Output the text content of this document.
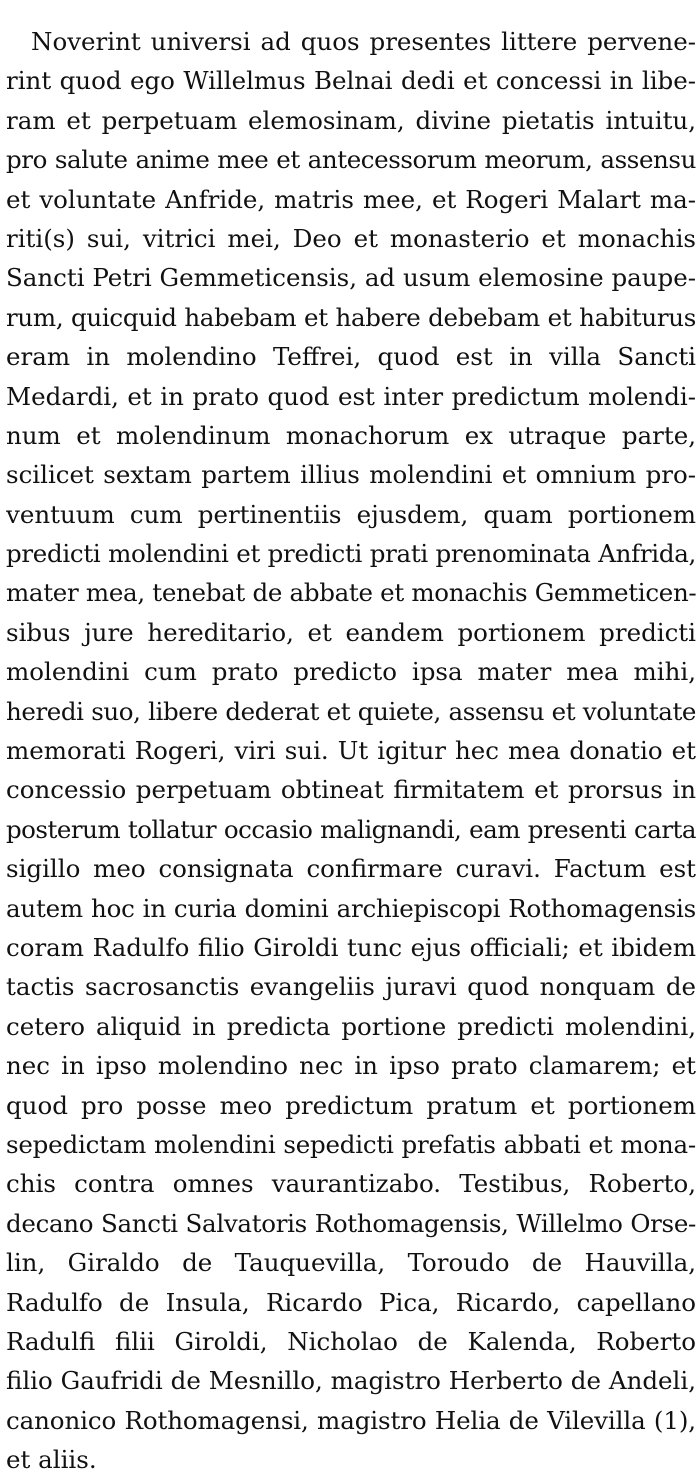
Noverint universi ad quos presentes littere pervene-
rint quod ego Willelmus Belnai dedi et concessi in libe-
ram et perpetuam elemosinam, divine pietatis intuitu,
pro salute anime mee et antecessorum meorum, assensu
et voluntate Anfride, matris mee, et Rogeri Malart ma-
riti(s) sui, vitrici mei, Deo et monasterio et monachis
Sancti Petri Gemmeticensis, ad usum elemosine paupe-
rum, quicquid habebam et habere debebam et habiturus
eram in molendino Teffrei, quod est in villa Sancti
Medardi, et in prato quod est inter predictum molendi-
num et molendinum monachorum ex utraque parte,
scilicet sextam partem illius molendini et omnium pro-
ventuum cum pertinentiis ejusdem, quam portionem
predicti molendini et predicti prati prenominata Anfrida,
mater mea, tenebat de abbate et monachis Gemmeticen-
sibus jure hereditario, et eandem portionem predicti
molendini cum prato predicto ipsa mater mea mihi,
heredi suo, libere dederat et quiete, assensu et voluntate
memorati Rogeri, viri sui. Ut igitur hec mea donatio et
concessio perpetuam obtineat firmitatem et prorsus in
posterum tollatur occasio malignandi, eam presenti carta
sigillo meo consignata confirmare curavi. Factum est
autem hoc in curia domini archiepiscopi Rothomagensis
coram Radulfo filio Giroldi tunc ejus officiali; et ibidem
tactis sacrosanctis evangeliis juravi quod nonquam de
cetero aliquid in predicta portione predicti molendini,
nec in ipso molendino nec in ipso prato clamarem; et
quod pro posse meo predictum pratum et portionem
sepedictam molendini sepedicti prefatis abbati et mona-
chis contra omnes vaurantizabo. Testibus, Roberto,
decano Sancti Salvatoris Rothomagensis, Willelmo Orse-
lin, Giraldo de Tauquevilla, Toroudo de Hauvilla,
Radulfo de Insula, Ricardo Pica, Ricardo, capellano
Radulfi filii Giroldi, Nicholao de Kalenda, Roberto
filio Gaufridi de Mesnillo, magistro Herberto de Andeli,
canonico Rothomagensi, magistro Helia de Vilevilla (1),
et aliis.
